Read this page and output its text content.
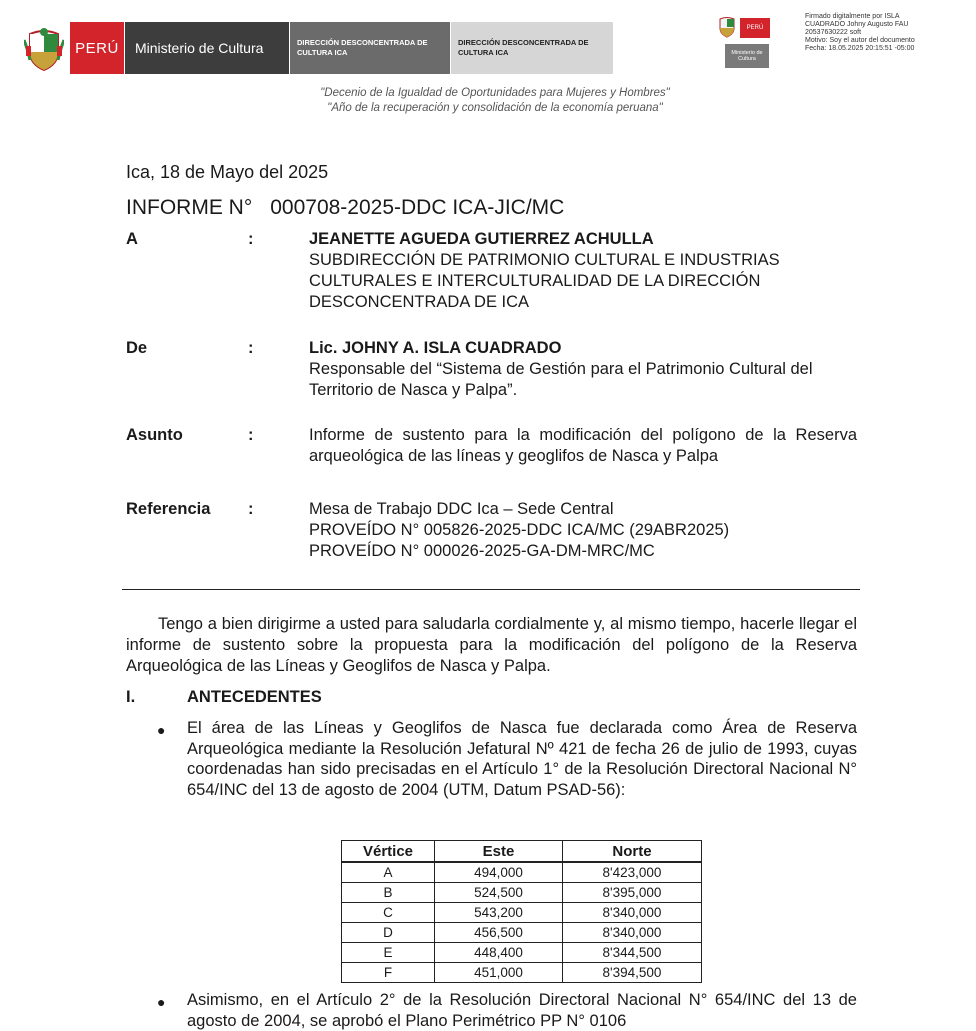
PERÚ	Ministerio de Cultura	DIRECCIÓN DESCONCENTRADA DE CULTURA ICA
DIRECCIÓN DESCONCENTRADA DE CULTURA ICA
PERÚ
Ministerio de Cultura
Firmado digitalmente por ISLA
CUADRADO Johny Augusto FAU
20537630222 soft
Motivo: Soy el autor del documento
Fecha: 18.05.2025 20:15:51 -05:00
"Decenio de la Igualdad de Oportunidades para Mujeres y Hombres"
"Año de la recuperación y consolidación de la economía peruana"
Ica, 18 de Mayo del 2025
INFORME N° 000708-2025-DDC ICA-JIC/MC
A	:	JEANETTE AGUEDA GUTIERREZ ACHULLA
SUBDIRECCIÓN DE PATRIMONIO CULTURAL E INDUSTRIAS
CULTURALES E INTERCULTURALIDAD DE LA DIRECCIÓN
DESCONCENTRADA DE ICA
De	:	Lic. JOHNY A. ISLA CUADRADO
Responsable del “Sistema de Gestión para el Patrimonio Cultural del Territorio de Nasca y Palpa”.
Asunto	:	Informe de sustento para la modificación del polígono de la Reserva arqueológica de las líneas y geoglifos de Nasca y Palpa
Referencia :	Mesa de Trabajo DDC Ica – Sede Central
PROVEÍDO N° 005826-2025-DDC ICA/MC (29ABR2025)
PROVEÍDO N° 000026-2025-GA-DM-MRC/MC
Tengo a bien dirigirme a usted para saludarla cordialmente y, al mismo tiempo, hacerle llegar el informe de sustento sobre la propuesta para la modificación del polígono de la Reserva Arqueológica de las Líneas y Geoglifos de Nasca y Palpa.
I.	ANTECEDENTES
● El área de las Líneas y Geoglifos de Nasca fue declarada como Área de Reserva Arqueológica mediante la Resolución Jefatural Nº 421 de fecha 26 de julio de 1993, cuyas coordenadas han sido precisadas en el Artículo 1° de la Resolución Directoral Nacional N° 654/INC del 13 de agosto de 2004 (UTM, Datum PSAD-56):
Vértice	Este	Norte
A	494,000	8'423,000
B	524,500	8'395,000
C	543,200	8'340,000
D	456,500	8'340,000
E	448,400	8'344,500
F	451,000	8'394,500
● Asimismo, en el Artículo 2° de la Resolución Directoral Nacional N° 654/INC del 13 de agosto de 2004, se aprobó el Plano Perimétrico PP N° 0106
